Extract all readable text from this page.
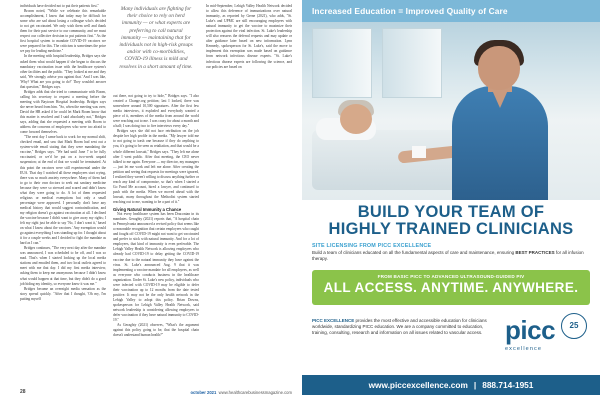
individuals have decided not to put their patients first."

Broom noted, "While we celebrate this remarkable accomplishment, I know that today may be difficult for some who are sad about losing a colleague who's decided to not get vaccinated. We only wish them well and thank them for their past service to our community, and we must respect our collective decision to put patients first." As the first hospital system to mandate COVID-19 vaccines we were prepared for this. The criticism is sometimes the price we pay for leading medicine."

In the meeting with hospital leadership, Bridges says she asked them what would happen if she began to discuss the mandatory vaccination issue with the healthcare system's other facilities and the public. "They looked at me and they said, 'We strongly advise you against that.' And I was like, 'Why? What are you going to do?' They wouldn't answer that question," Bridges says.

Bridges adds that she tried to communicate with Boom, calling his secretary to request a meeting before the meeting with Baytown Hospital leadership. Bridges says she never heard from him. "So, when the meeting was over, David the HR asked if he could let Mark Boom know that this matter is resolved and I said absolutely not," Bridges says, adding that she requested a meeting with Boom to address the concerns of employees who were too afraid to come forward themselves.

"The next day I came back to work for my normal shift, checked email, and saw that Mark Boom had sent out a system-wide email stating that they were mandating the vaccine," Bridges says. "We had until June 7 to be fully vaccinated, or we'd be put on a two-week unpaid suspension; at the end of that we would be terminated. At this point the vaccines were still experimental under the EUA. That day I watched all these employees start crying, there was so much anxiety everywhere. Many of them had to go to their own doctors to seek out sanitary medicine because they were so stressed and scared and didn't know what they were going to do. A lot of them requested religious or medical exemptions but only a small percentage were approved. I personally don't have any medical history that would suggest contraindication, and my religion doesn't go against vaccination at all. I declined the vaccine because I didn't want to give away my rights; I felt my right just be able to say 'No, I don't want it,' based on what I know about the vaccines.' Any exemption would go against everything I was standing up for. I thought about it for a couple weeks and I decided to fight the mandate as hard as I can."

Bridges continues, "The very next day after the mandate was announced, I was scheduled to be off, and I was so mad. That's when I started looking up the local media stations and emailed them, and two local outlets agreed to meet with me that day. I did my first media interview, asking them to keep me anonymous because I didn't know what would happen at that time, but they didn't do a good job hiding my identity, so everyone knew it was me."

Bridges became an overnight media sensation as the story spread quickly. "After that I thought, 'Oh my, I'm putting myself

Many individuals are fighting for their choice to rely on herd immunity — or what experts are preferring to call natural immunity — maintaining that for individuals not in high-risk groups and/or with co-morbidities, COVID-19 illness is mild and resolves in a short amount of time.

out there, not going to try to hide,'" Bridges says. "I also created a Change.org petition; last I looked, there was somewhere around 10,500 signatures. After the first few media interviews, it exploded and everybody wanted a piece of it, members of the media from around the world were reaching out to me. I was crazy for about a month and a half; I was doing two to five interviews every day."

Bridges says she did not face retribution on the job despite her high profile in the media. "My lawyer told me to not going to trash one because if they do anything to you, it's going to be seen as retaliation, and that would be a whole different lawsuit," Bridges says. "They left me alone after I went public. After that meeting, the CEO never talked to me again. Everyone — my director, my managers — just let me work and left me alone. After creating the petition and seeing that requests for meetings were ignored, I realized they weren't willing to discuss anything further or reach any kind of compromise, so that's when I started a Go Fund Me account, hired a lawyer, and continued to push with the media. When we moved ahead with the lawsuit, many throughout the Methodist system started reaching out to me, wanting to be a part of it."

Giving Natural Immunity a Chance

Not every healthcare system has been Draconian in its mandates. Geraghty (2021) reports that, "A hospital chain in Pennsylvania announced a revised policy that seems like a reasonable recognition that certain employees who caught and fought off COVID-19 might not want to get vaccinated and prefer to stick with natural immunity. And for a lot of employees, that kind of immunity is even preferable. The Lehigh Valley Health Network is allowing employees who already had COVID-19 to delay getting the COVID-19 vaccine due to the natural immunity they have against the virus. St. Luke's announced Aug. 9 that it was implementing a vaccine mandate for all employees, as well as everyone who conducts business in the healthcare organization. Under St. Luke's new policy, individuals who were infected with COVID-19 may be eligible to defer their vaccination up to 12 months from the date tested positive. It may not be the only health network in the Lehigh Valley to adopt this policy. Brian Downs, spokesperson for Lehigh Valley Health Network, said network leadership is considering allowing employees to defer vaccination if they have natural immunity to COVID-19."

As Geraghty (2021) observes, "What's the argument against this policy going to be, that the hospital chain doesn't understand human health?"

In mid-September, Lehigh Valley Health Network decided to allow this deference of immunizations over natural immunity, as reported by Gerne (2021), who adds, "St. Luke's and UPMC are still encouraging employees with natural immunity to get the vaccine to maximize their protection against the viral infection. St. Luke's leadership will also reassess the deferral requests and may update or alter guidance later based on new information. Lynn Kennedy, spokesperson for St. Luke's, said the move to implement this exemption was made based on guidance from network infectious disease experts. "St. Luke's infectious disease experts are following the science, and our policies are based on

28	october 2021 www.healthcarebusinessmagazine.com
Increased Education = Improved Quality of Care
BUILD YOUR TEAM OF
HIGHLY TRAINED CLINICIANS
SITE LICENSING FROM PICC EXCELLENCE
Build a team of clinicians educated on all the fundamental aspects of care and maintenance, ensuring BEST PRACTICES for all infusion therapy.
FROM BASIC PICC TO ADVANCED ULTRASOUND-GUIDED PIV
ALL ACCESS. ANYTIME. ANYWHERE.
PICC EXCELLENCE provides the most effective and accessible education for clinicians worldwide, standardizing PICC education. We are a company committed to education, training, consulting, research and information on all issues related to vascular access. picc	25
excellence
www.piccexcellence.com | 888.714-1951
